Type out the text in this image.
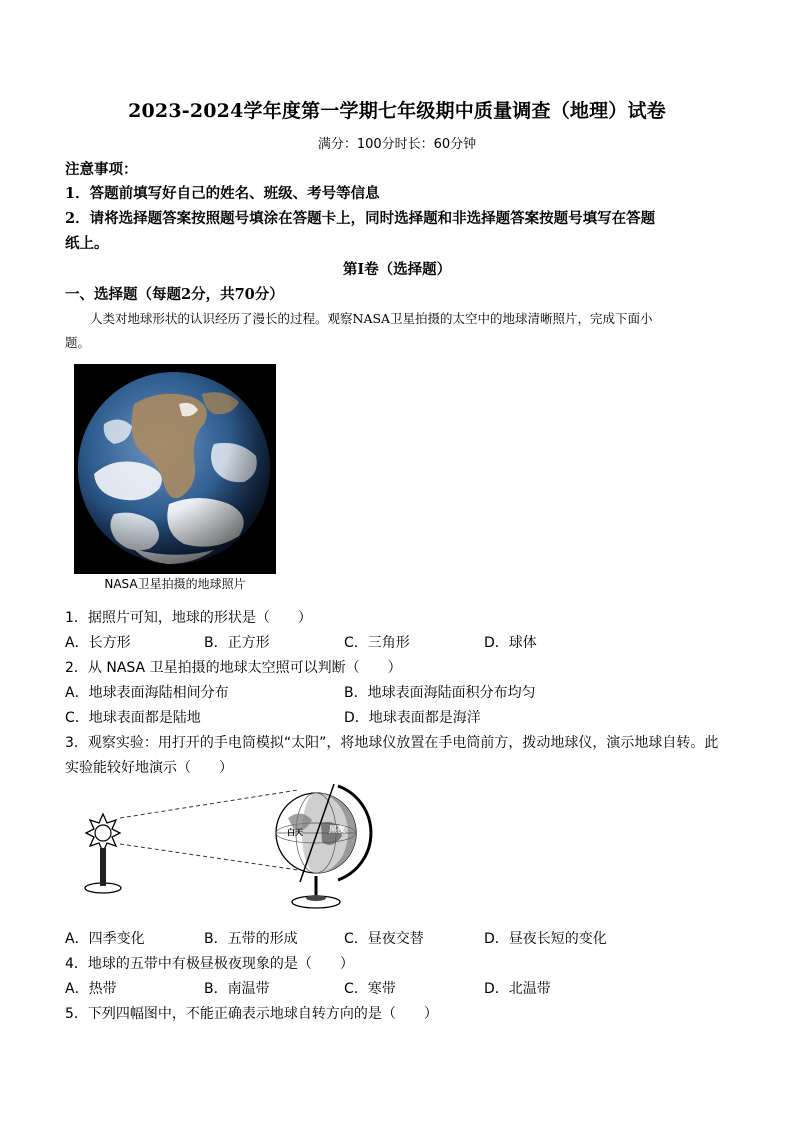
2023-2024学年度第一学期七年级期中质量调查（地理）试卷
满分：100分时长：60分钟
注意事项：
1．答题前填写好自己的姓名、班级、考号等信息
2．请将选择题答案按照题号填涂在答题卡上，同时选择题和非选择题答案按题号填写在答题
纸上。
第I卷（选择题）
一、选择题（每题2分，共70分）
人类对地球形状的认识经历了漫长的过程。观察NASA卫星拍摄的太空中的地球清晰照片，完成下面小
题。
NASA卫星拍摄的地球照片
1．据照片可知，地球的形状是（　　）
A．长方形	B．正方形	C．三角形	D．球体
2．从 NASA 卫星拍摄的地球太空照可以判断（　　）
A．地球表面海陆相间分布	B．地球表面海陆面积分布均匀
C．地球表面都是陆地	D．地球表面都是海洋
3．观察实验：用打开的手电筒模拟“太阳”，将地球仪放置在手电筒前方，拨动地球仪，演示地球自转。此
实验能较好地演示（　　）
白天	黑夜
A．四季变化	B．五带的形成	C．昼夜交替	D．昼夜长短的变化
4．地球的五带中有极昼极夜现象的是（　　）
A．热带	B．南温带	C．寒带	D．北温带
5．下列四幅图中，不能正确表示地球自转方向的是（　　）
